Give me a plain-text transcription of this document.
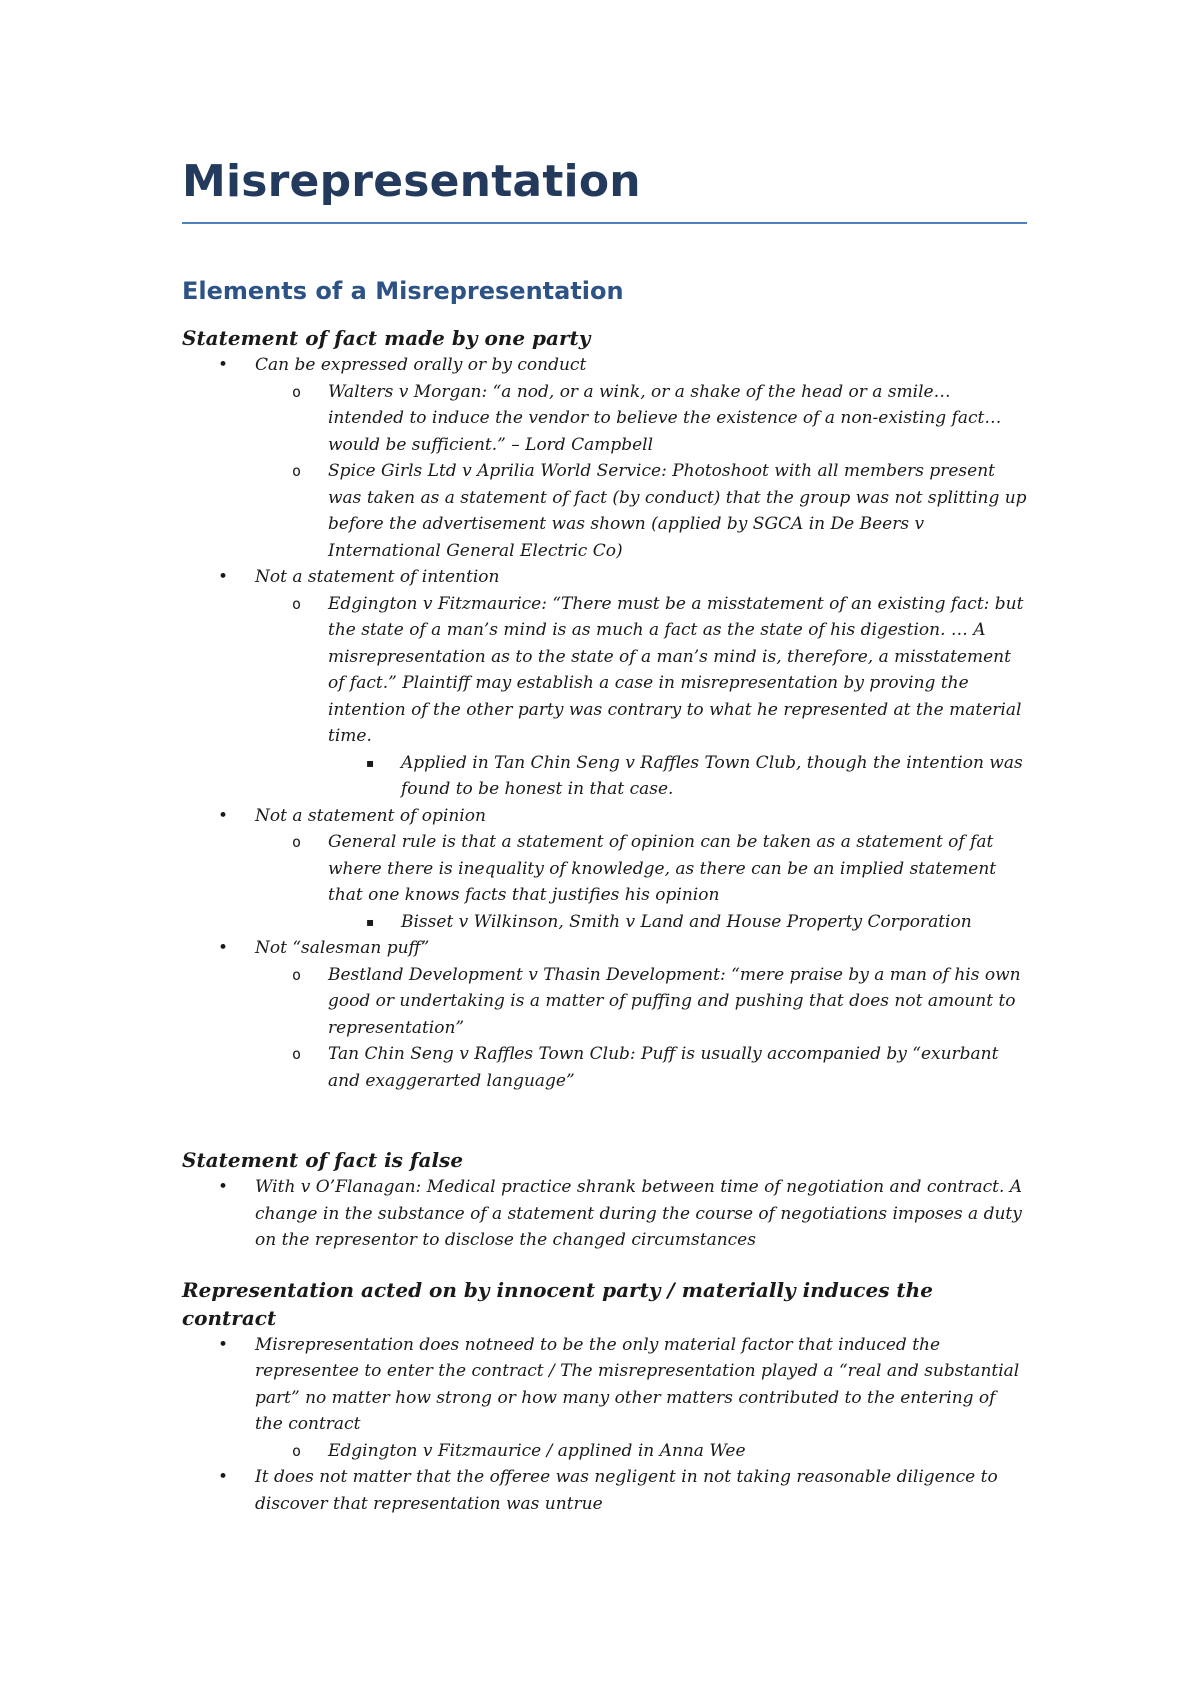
Misrepresentation
Elements of a Misrepresentation
Statement of fact made by one party
• Can be expressed orally or by conduct
o Walters v Morgan: “a nod, or a wink, or a shake of the head or a smile… intended to induce the vendor to believe the existence of a non-existing fact…would be sufficient.” – Lord Campbell
o Spice Girls Ltd v Aprilia World Service: Photoshoot with all members present was taken as a statement of fact (by conduct) that the group was not splitting up before the advertisement was shown (applied by SGCA in De Beers v International General Electric Co)
• Not a statement of intention
o Edgington v Fitzmaurice: “There must be a misstatement of an existing fact: but the state of a man’s mind is as much a fact as the state of his digestion. … A misrepresentation as to the state of a man’s mind is, therefore, a misstatement of fact.” Plaintiff may establish a case in misrepresentation by proving the intention of the other party was contrary to what he represented at the material time.
▪ Applied in Tan Chin Seng v Raffles Town Club, though the intention was found to be honest in that case.
• Not a statement of opinion
o General rule is that a statement of opinion can be taken as a statement of fat where there is inequality of knowledge, as there can be an implied statement that one knows facts that justifies his opinion
▪ Bisset v Wilkinson, Smith v Land and House Property Corporation
• Not “salesman puff”
o Bestland Development v Thasin Development: “mere praise by a man of his own good or undertaking is a matter of puffing and pushing that does not amount to representation”
o Tan Chin Seng v Raffles Town Club: Puff is usually accompanied by “exurbant and exaggerarted language”
Statement of fact is false
• With v O’Flanagan: Medical practice shrank between time of negotiation and contract. A change in the substance of a statement during the course of negotiations imposes a duty on the representor to disclose the changed circumstances
Representation acted on by innocent party / materially induces the contract
• Misrepresentation does notneed to be the only material factor that induced the representee to enter the contract / The misrepresentation played a “real and substantial part” no matter how strong or how many other matters contributed to the entering of the contract
o Edgington v Fitzmaurice / applined in Anna Wee
• It does not matter that the offeree was negligent in not taking reasonable diligence to discover that representation was untrue
